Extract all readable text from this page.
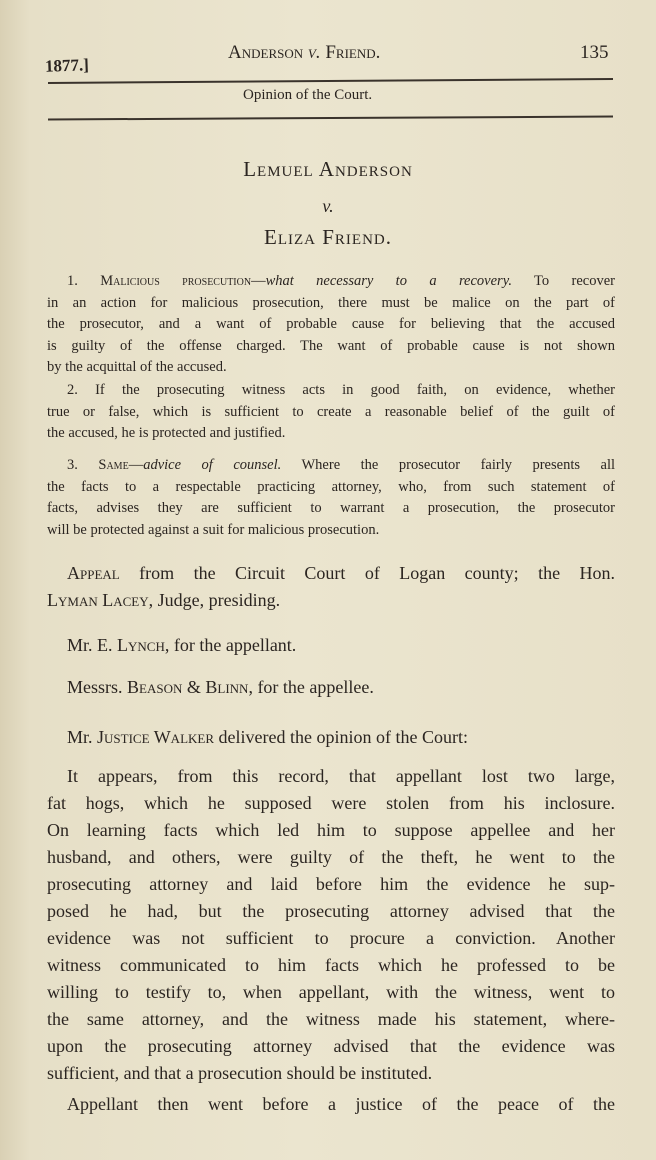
1877.]
Anderson v. Friend.	135
Opinion of the Court.
Lemuel Anderson
v.
Eliza Friend.
1. Malicious prosecution—what necessary to a recovery. To recover
in an action for malicious prosecution, there must be malice on the part of
the prosecutor, and a want of probable cause for believing that the accused
is guilty of the offense charged. The want of probable cause is not shown
by the acquittal of the accused.
2. If the prosecuting witness acts in good faith, on evidence, whether
true or false, which is sufficient to create a reasonable belief of the guilt of
the accused, he is protected and justified.
3. Same—advice of counsel. Where the prosecutor fairly presents all
the facts to a respectable practicing attorney, who, from such statement of
facts, advises they are sufficient to warrant a prosecution, the prosecutor
will be protected against a suit for malicious prosecution.
Appeal from the Circuit Court of Logan county; the Hon.
Lyman Lacey, Judge, presiding.
Mr. E. Lynch, for the appellant.
Messrs. Beason & Blinn, for the appellee.
Mr. Justice Walker delivered the opinion of the Court:
It appears, from this record, that appellant lost two large,
fat hogs, which he supposed were stolen from his inclosure.
On learning facts which led him to suppose appellee and her
husband, and others, were guilty of the theft, he went to the
prosecuting attorney and laid before him the evidence he sup-
posed he had, but the prosecuting attorney advised that the
evidence was not sufficient to procure a conviction. Another
witness communicated to him facts which he professed to be
willing to testify to, when appellant, with the witness, went to
the same attorney, and the witness made his statement, where-
upon the prosecuting attorney advised that the evidence was
sufficient, and that a prosecution should be instituted.
Appellant then went before a justice of the peace of the
